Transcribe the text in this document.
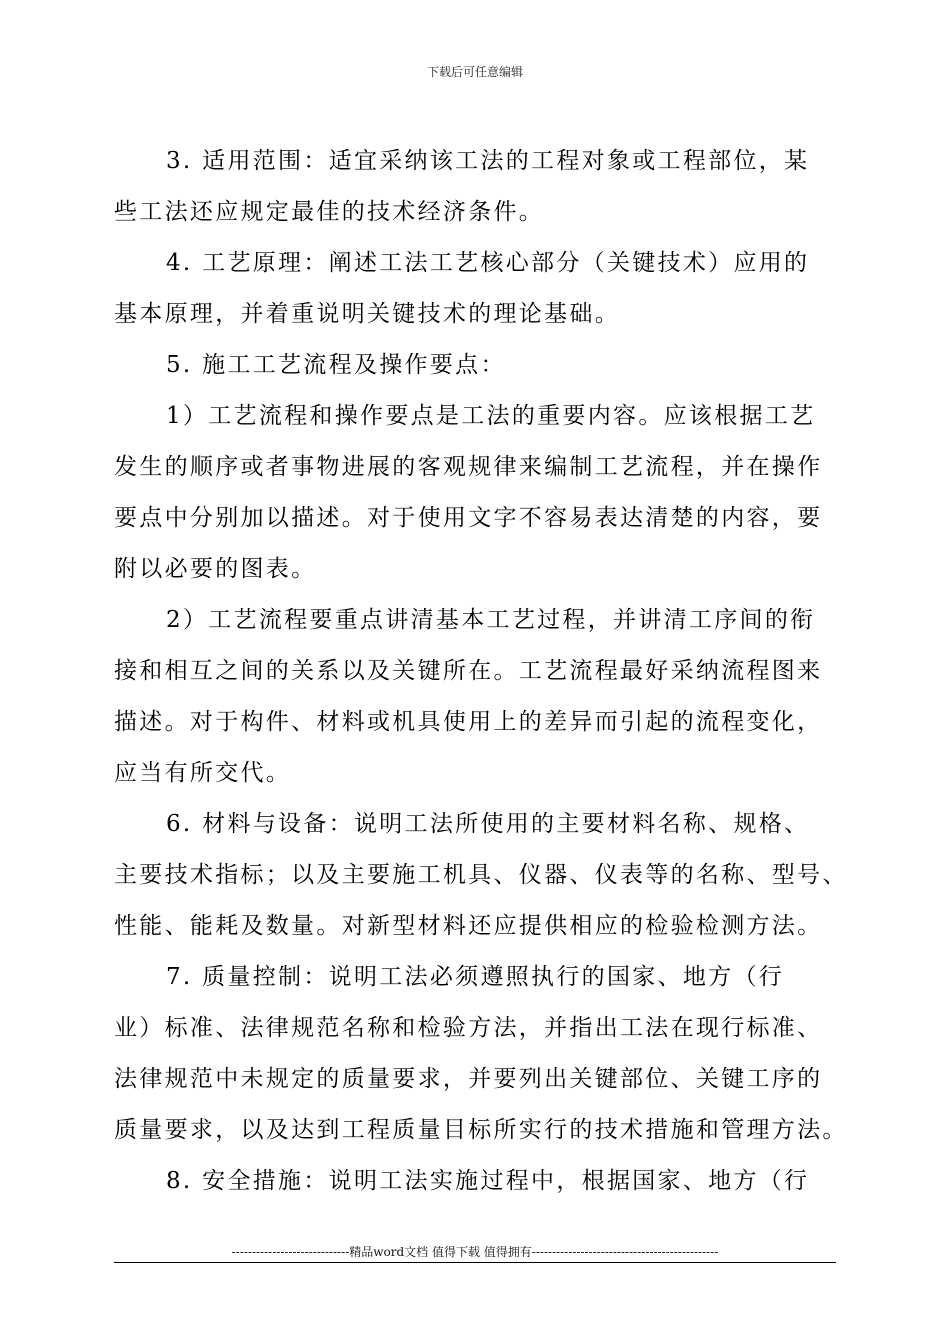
下载后可任意编辑
3. 适用范围：适宜采纳该工法的工程对象或工程部位，某
些工法还应规定最佳的技术经济条件。
4. 工艺原理：阐述工法工艺核心部分（关键技术）应用的
基本原理，并着重说明关键技术的理论基础。
5. 施工工艺流程及操作要点：
1）工艺流程和操作要点是工法的重要内容。应该根据工艺
发生的顺序或者事物进展的客观规律来编制工艺流程，并在操作
要点中分别加以描述。对于使用文字不容易表达清楚的内容，要
附以必要的图表。
2）工艺流程要重点讲清基本工艺过程，并讲清工序间的衔
接和相互之间的关系以及关键所在。工艺流程最好采纳流程图来
描述。对于构件、材料或机具使用上的差异而引起的流程变化，
应当有所交代。
6. 材料与设备：说明工法所使用的主要材料名称、规格、
主要技术指标；以及主要施工机具、仪器、仪表等的名称、型号、
性能、能耗及数量。对新型材料还应提供相应的检验检测方法。
7. 质量控制：说明工法必须遵照执行的国家、地方（行
业）标准、法律规范名称和检验方法，并指出工法在现行标准、
法律规范中未规定的质量要求，并要列出关键部位、关键工序的
质量要求，以及达到工程质量目标所实行的技术措施和管理方法。
8. 安全措施：说明工法实施过程中，根据国家、地方（行
-----------------------------精品word文档 值得下载 值得拥有----------------------------------------------
